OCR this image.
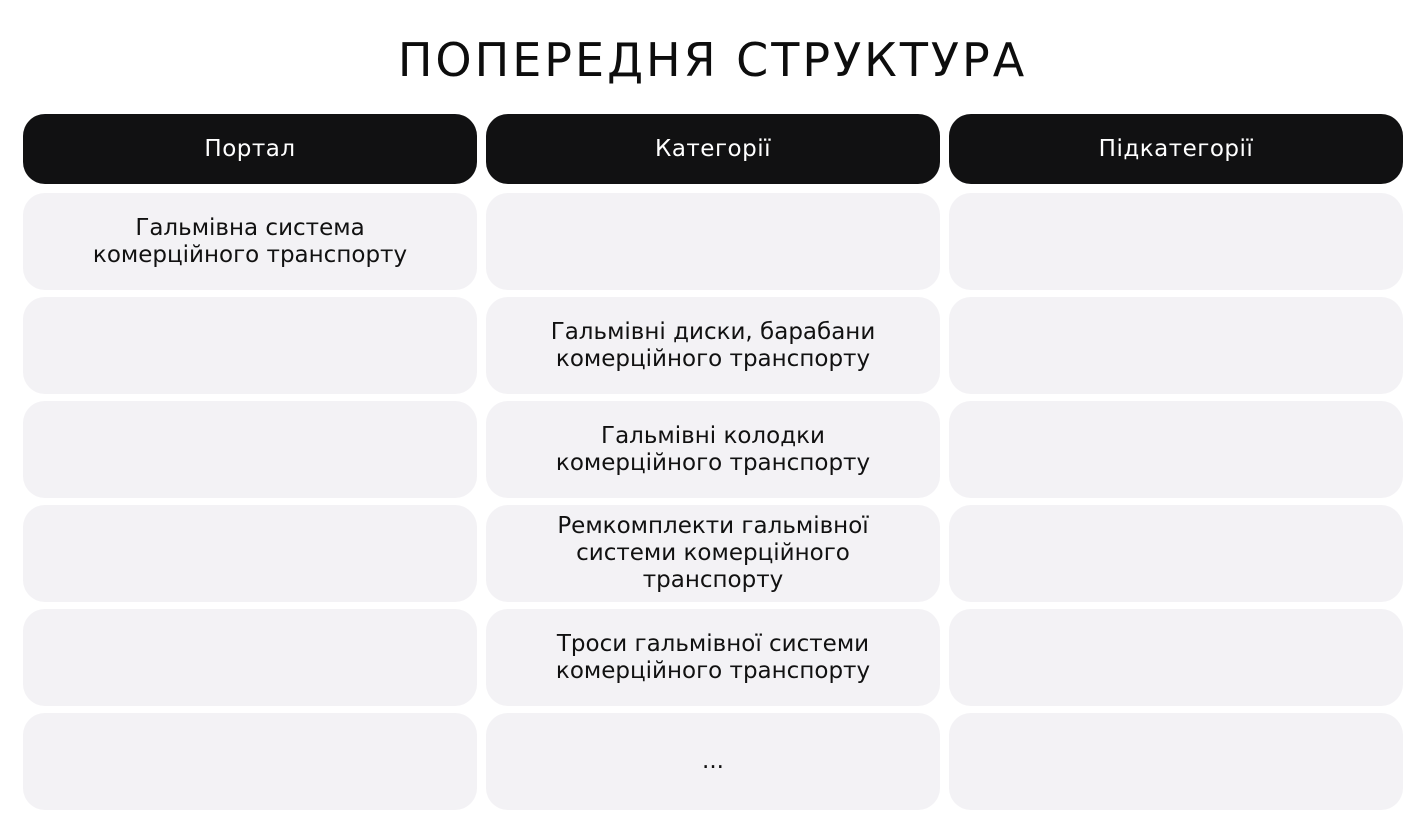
ПОПЕРЕДНЯ СТРУКТУРА
Портал
Гальмівна система
комерційного транспорту
Категорії
Гальмівні диски, барабани
комерційного транспорту
Гальмівні колодки
комерційного транспорту
Ремкомплекти гальмівної
системи комерційного
транспорту
Троси гальмівної системи
комерційного транспорту
...
Підкатегорії
